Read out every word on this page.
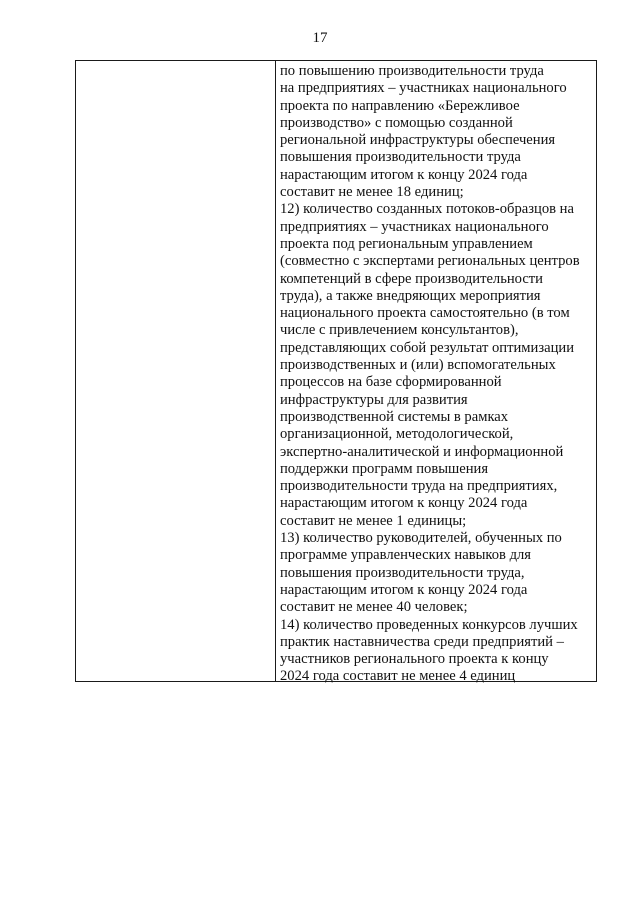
17
по повышению производительности труда
на предприятиях – участниках национального
проекта по направлению «Бережливое
производство» с помощью созданной
региональной инфраструктуры обеспечения
повышения производительности труда
нарастающим итогом к концу 2024 года
составит не менее 18 единиц;
12) количество созданных потоков-образцов на
предприятиях – участниках национального
проекта под региональным управлением
(совместно с экспертами региональных центров
компетенций в сфере производительности
труда), а также внедряющих мероприятия
национального проекта самостоятельно (в том
числе с привлечением консультантов),
представляющих собой результат оптимизации
производственных и (или) вспомогательных
процессов на базе сформированной
инфраструктуры для развития
производственной системы в рамках
организационной, методологической,
экспертно-аналитической и информационной
поддержки программ повышения
производительности труда на предприятиях,
нарастающим итогом к концу 2024 года
составит не менее 1 единицы;
13) количество руководителей, обученных по
программе управленческих навыков для
повышения производительности труда,
нарастающим итогом к концу 2024 года
составит не менее 40 человек;
14) количество проведенных конкурсов лучших
практик наставничества среди предприятий –
участников регионального проекта к концу
2024 года составит не менее 4 единиц
